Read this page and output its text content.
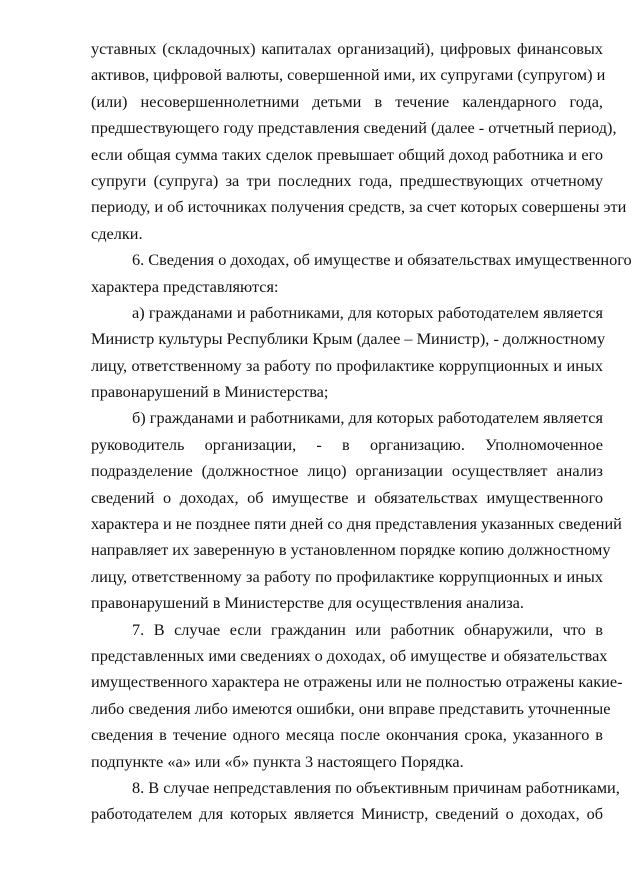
уставных (складочных) капиталах организаций), цифровых финансовых
активов, цифровой валюты, совершенной ими, их супругами (супругом) и
(или) несовершеннолетними детьми в течение календарного года,
предшествующего году представления сведений (далее - отчетный период),
если общая сумма таких сделок превышает общий доход работника и его
супруги (супруга) за три последних года, предшествующих отчетному
периоду, и об источниках получения средств, за счет которых совершены эти
сделки.
6. Сведения о доходах, об имуществе и обязательствах имущественного
характера представляются:
а) гражданами и работниками, для которых работодателем является
Министр культуры Республики Крым (далее – Министр), - должностному
лицу, ответственному за работу по профилактике коррупционных и иных
правонарушений в Министерства;
б) гражданами и работниками, для которых работодателем является
руководитель организации, - в организацию. Уполномоченное
подразделение (должностное лицо) организации осуществляет анализ
сведений о доходах, об имуществе и обязательствах имущественного
характера и не позднее пяти дней со дня представления указанных сведений
направляет их заверенную в установленном порядке копию должностному
лицу, ответственному за работу по профилактике коррупционных и иных
правонарушений в Министерстве для осуществления анализа.
7. В случае если гражданин или работник обнаружили, что в
представленных ими сведениях о доходах, об имуществе и обязательствах
имущественного характера не отражены или не полностью отражены какие-
либо сведения либо имеются ошибки, они вправе представить уточненные
сведения в течение одного месяца после окончания срока, указанного в
подпункте «а» или «б» пункта 3 настоящего Порядка.
8. В случае непредставления по объективным причинам работниками,
работодателем для которых является Министр, сведений о доходах, об
